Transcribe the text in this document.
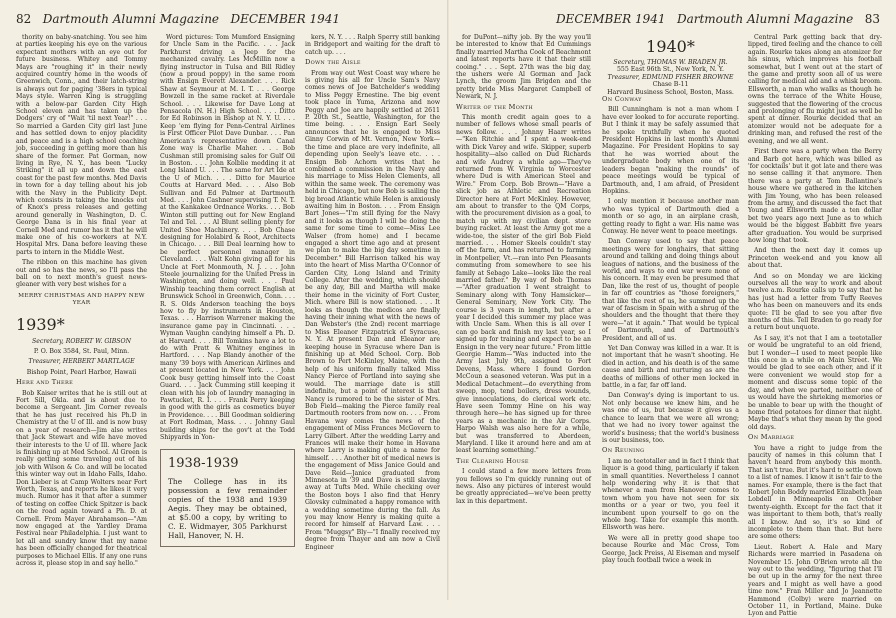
82 Dartmouth Alumni Magazine DECEMBER 1941	DECEMBER 1941 Dartmouth Alumni Magazine 83

thority on baby-snatching. You see him at parties keeping his eye on the various expectant mothers with an eye out for future business. Whitey and Tommy Mays are "roughing it" in their newly acquired country home in the woods of Greenwich, Conn., and their latch-string is always out for paging '38ers in typical Mays style. Warren King is struggling with a below-par Garden City High School eleven and has taken up the Dodgers' cry of "Wait 'til next Year!" . . . So married a Garden City girl last June and has settled down to enjoy placidity and peace and is a high school coaching job, succeeding in getting more than his share of the former. Pat Gorman, now living in Rye, N. Y., has been "Lucky Striking" it all up and down the east coast for the past few months. Med Davis in town for a day telling about his job with the Navy in the Publicity Dept. which consists in taking the knocks out of Knox's press releases and getting around generally in Washington, D. C. George Dana is in his final year at Cornell Med and rumor has it that he will make one of his co-workers at N.Y. Hospital Mrs. Dana before leaving these parts to intern in the Middle West.

The ribbon on this machine has given out and so has the news, so I'll pass the ball on to next month's guest news-gleaner with very best wishes for a

MERRY CHRISTMAS AND HAPPY NEW YEAR

1939*

Secretary, ROBERT W. GIBSON

P. O. Box 3584, St. Paul, Minn.

Treasurer, HERBERT MARTLAGE

Bishop Point, Pearl Harbor, Hawaii

Here and There

Bob Kaiser writes that he is still out at Fort Sill, Okla. and is about due to become a Sergeant. Jim Corner reveals that he has just received his Ph.D in Chemistry at the U of Ill. and is now busy on a year of research—Jim also writes that Jack Stewart and wife have moved their interests to the U of Ill. where Jack is finishing up at Med School. Al Green is really getting some traveling out of his job with Wilson & Co. and will be located this winter way out in Idaho Falls, Idaho. Don Lieber is at Camp Wolters near Fort Worth, Texas, and reports he likes it very much. Rumor has it that after a summer of testing on coffee Chick Spitzer is back on the road again toward a Ph. D. at Cornell. From Mayer Abrahamson—"Am now engaged at the Yardley Drama Festival near Philadelphia. I just want to let all and sundry know that my name has been officially changed for theatrical purposes to Michael Ellis. If any one runs across it, please stop in and say hello."

Word pictures: Tom Mumford Ensigning for Uncle Sam in the Pacific. . . . Jack Parkhurst driving a Jeep for the mechanized cavalry. Les McMillin now a flying instructor in Tulsa and Bill Ridley (now a proud poppy) in the same room with Ensign Everett Alexander. . . . Rick Shaw at Seymour at M. I. T. . . . George Bowzell in the same racket at Riverdale School. . . . Likewise for Dave Long at Pensacola (N. H.) High School. . . . Ditto for Ed Robinson in Bishop at N. Y. U. . . . Keep 'em flying for Penn-Central Airlines is First Officer Pilot Dave Dunbar. . . . Pan American's representative down Canal Zone way is Charlie Maher. . . . Bob Cushman still promising sales for Gulf Oil in Boston. . . . John Kolblie medding it at Long Island U. . . . The same for Art Ide at the U of Mich. . . . Ditto for Maurice Coutts at Harvard Med. . . . Also Bob Sullivan and Ed Palmer at Dartmouth Med. . . . John Cashner supervising T. N. T. at the Kankakee Ordnance Works. . . . Bob Winton still putting out for New England Tel and Tel. . . . Al Blunt selling plenty for United Shoe Machinery. . . . Bob Chase designing for Holabird & Root, Architects in Chicago. . . . Bill Deal learning how to be perfect personnel manager in Cleveland. . . . Walt Kohn giving all for his Uncle at Fort Monmouth, N. J. . . . John Steele journalizing for the United Press in Washington, and doing well. . . . Paul Winship teaching them correct English at Brunswick School in Greenwich, Conn. . . . R. S. Olds Anderson teaching the boys how to fly by instruments in Houston, Texas. . . . Harrison Warrener making the insurance game pay in Cincinnati. . . . Wyman Vaughn candying himself a Ph. D. at Harvard. . . . Bill Tomkins have a lot to do with Pratt & Whitney engines in Hartford. . . . Nap Blandy another of the many '39 boys with American Airlines and at present located in New York. . . . John Cook busy getting himself into the Coast Guard. . . . Jack Cumming still keeping it clean with his job of laundry managing in Pawtucket, R. I. . . . Frank Perry keeping in good with the girls as cosmetics buyer in Providence. . . . Bill Goodman soldiering at Fort Rodman, Mass. . . . Johnny Gaul building ships for the gov't at the Todd Shipyards in Yon-

1938-1939
The College has in its possession a few remainder copies of the 1938 and 1939 Aegis. They may be obtained, at $5.00 a copy, by writing to C. E. Widmayer, 305 Parkhurst Hall, Hanover, N. H.

kers, N. Y. . . . Ralph Sperry still banking in Bridgeport and waiting for the draft to catch up. . . .

Down the Aisle

From way out West Coast way where he is giving his all for Uncle Sam's Navy comes news of Joe Batchelder's wedding to Miss Peggy Ernestine. The big event took place in Yuma, Arizona and now Peggy and Joe are happily settled at 2611 P. 20th St., Seattle, Washington, for the time being. . . . Ensign Earl Seely announces that he is engaged to Miss Ginny Corwin of Mt. Vernon, New York—the time and place are very indefinite, all depending upon Seely's leave etc. . . . Ensign Bob Achorn writes that he combined a commission in the Navy and his marriage to Miss Helen Clements, all within the same week. The ceremony was held in Chicago, but now Bob is sailing the big broad Atlantic while Helen is anxiously awaiting him in Boston. . . . From Ensign Bart Jones—"I'm still flying for the Navy and it looks as though I will be doing the same for some time to come—Miss Lee Walser (from home) and I became engaged a short time ago and at present we plan to make the big day sometime in December." Bill Harrison talked his way into the heart of Miss Martha O'Connor of Garden City, Long Island and Trinity College. After the wedding, which should be any day, Bill and Martha will make their home in the vicinity of Fort Custer, Mich. where Bill is now stationed. . . . It looks as though the medicos are finally having their inning what with the news of Dan Webster's (the 2nd) recent marriage to Miss Eleanor Fitzpatrick of Syracuse, N. Y. At present Dan and Eleanor are keeping house in Syracuse where Dan is finishing up at Med School. Corp. Bob Brown to Pert McKinley, Maine, with the help of his uniform finally talked Miss Nancy Pierce of Portland into saying she would. The marriage date is still indefinite, but a point of interest is that Nancy is rumored to be the sister of Mrs. Bob Field—making the Pierce family real Dartmouth rooters from now on. . . . From Havana way comes the news of the engagement of Miss Frances McGovern to Larry Gilbert. After the wedding Larry and Frances will make their home in Havana where Larry is making quite a name for himself. . . . Another bit of medical news is the engagement of Miss Janice Gould and Dave Reid—Janice graduated from Minnesota in '39 and Dave is still slaving away at Tufts Med. While checking over the Boston boys I also find that Henry Glovsky culminated a happy romance with a wedding sometime during the fall. As you may know Henry is making quite a record for himself at Harvard Law. . . . From "Muggsy" Bly—"I finally received my degree from Thayer and am now a Civil Engineer

for DuPont—nifty job. By the way you'll be interested to know that Ed Cummings finally married Martha Cook of Beachmont and latest reports have it that their still cooing." . . . Sept. 27th was the big day, the ushers were Al Gorman and Jack Lynch, the groom Jim Brigden and the pretty bride Miss Margaret Campbell of Newark, N. J.

Writer of the Month

This month credit again goes to a number of fellows whose small pearls of news follow. . . . Johnny Haarr writes—"Ken Ritchie and I spent a week-end with Dick Varey and wife. Skipper, superb hospitality—also called on Dud Richards and wife Audrey a while ago—They've returned from W. Virginia to Worcester where Dud is with American Steel and Wire." From Corp. Bob Brown—"Have a slick job as Athletic and Recreation Director here at Fort McKinley. However, am about to transfer to the QM Corps, with the procurement division as a goal, to match up with my civilian dept. store buying racket. At least the Army got me a wide-toe, the sister of the girl Bob Field married. . . . Homer Skeels couldn't stay off the farm, and has returned to farming in Montpelier, Vt.—ran into Pen Pleasants commuting from somewhere to see his family at Sebago Lake—looks like the real married father." By way of Bob Thomas—"After graduation I went straight to Seminary along with Tony Hamsicker—General Seminary, New York City. The course is 3 years in length, but after a year I decided this summer my place was with Uncle Sam. When this is all over I can go back and finish my last year, so I signed up for training and expect to be an Ensign in the very near future." From little Georgie Hamm—"Was inducted into the Army last July 9th, assigned to Fort Devens, Mass. where I found Gordon McCoun a seasoned veteran. Was put in a Medical Detachment—do everything from sweep, mop, tend boilers, dress wounds, give innoculations, do clerical work etc. Have seen Tommy Hine on his way through here—he has signed up for three years as a mechanic in the Air Corps. Harpo Walsh was also here for a while, but was transferred to Aberdeen, Maryland. I like it around here and am at least learning something."

The Clearing House

I could stand a few more letters from you fellows so I'm quickly running out of news. Also any pictures of interest would be greatly appreciated—we've been pretty lax in this department.

1940*
Secretary, THOMAS W. BRADEN JR.
555 East 96th St., New York, N. Y.
Treasurer, EDMUND FISHER BROWNE
Chase B-11
Harvard Business School, Boston, Mass.

On Conway

Bill Cunningham is not a man whom I have ever looked to for accurate reporting. But I think it may be safely assumed that he spoke truthfully when he quoted President Hopkins in last month's Alumni Magazine. For President Hopkins to say that he was worried about the undergraduate body when one of its leaders began "making the rounds" of peace meetings would be typical of Dartmouth, and, I am afraid, of President Hopkins.

I only mention it because another man who was typical of Dartmouth died a month or so ago, in an airplane crash, getting ready to fight a war. His name was Conway. He never went to peace meetings.

Dan Conway used to say that peace meetings were for longhairs, that sitting around and talking and doing things about leagues of nations, and the business of the world, and ways to end war were none of his concern. It may even be presumed that Dan, like the rest of us, thought of people in far off countries as "those foreigners," that like the rest of us, he summed up the war of fascism in Spain with a shrug of the shoulders and the thought that there they were—"at it again." That would be typical of Dartmouth, and of Dartmouth's President, and all of us.

Yet Dan Conway was killed in a war. It is not important that he wasn't shooting. He died in action, and his death is of the same cause and birth and nurturing as are the deaths of millions of other men locked in battle, in a far, far off land.

Dan Conway's dying is important to us. Not only because we knew him, and he was one of us, but because it gives us a chance to learn that we were all wrong; that we had no ivory tower against the world's business; that the world's business is our business, too.

On Reuning

I am no teetotaller and in fact I think that liquor is a good thing, particularly if taken in small quantities. Nevertheless I cannot help wondering why it is that that whenever a man from Hanover comes to town whom you have not seen for six months or a year or two, you feel it incumbent upon yourself to go on the whole hog. Take for example this month. Ellsworth was here.

We were all in pretty good shape too because Rourke and Mac Cross, Tom George, Jack Preiss, Al Eiseman and myself play touch football twice a week in

Central Park getting back that dry-lipped, tired feeling and the chance to cell again. Rourke takes along an atomizer for his sinus, which improves his football somewhat, but I went out at the start of the game and pretty soon all of us were calling for medical aid and a whisk broom. Ellsworth, a man who walks as though he owns the terrace of the White House, suggested that the flowering of the crocus and prolonging of flu might just as well be spent at dinner. Rourke decided that an atomizer would not be adequate for a drinking man, and refused the rest of the evening, and we all went.

First there was a party when the Berry and Barb got here, which was billed as 'for cocktails' but it got late and there was no sense calling it that anymore. Then there was a party at Tom Ballantine's house where we gathered in the kitchen with Jim Young, who has been released from the army, and discussed the fact that Young and Ellsworth made a ten dollar bet two years ago next June as to which would be the biggest Babbitt five years after graduation. You would be surprised how long that took.

And then the next day it comes up Princeton week-end and you know all about that.

And so on Monday we are kicking ourselves all the way to work and about twelve a.m. Rourke calls up to say that he has just had a letter from Tuffy Reeves who has been on maneuvers and its ends quote: I'll be glad to see you after five months of this. Tell Braden to go ready for a return bout unquote.

As I say, it's not that I am a teetotaller or would be ungrateful to an old friend, but I wonder—I used to meet people like this once in a while on Main Street. We would be glad to see each other, and if it were convenient we would stop for a moment and discuss some topic of the day, and when we parted, neither one of us would have the shrieking memories or be unable to bear up with the thought of home fried potatoes for dinner that night. Maybe that's what they mean by the good old days.

On Marriage

You have a right to judge from the paucity of names in this column that I haven't heard from anybody this month. That isn't true. But it's hard to settle down to a list of names. I know it isn't fair to the names. For example, there is the fact that Robert John Boddy married Elizabeth Jean Lobdell in Minneapolis on October twenty-eighth. Except for the fact that it was important to them both, that's really all I know. And so, it's so kind of incomplete to them than that. But here are some others:

Lieut. Robert A. Hale and Mary Richards were married in Pasadena on November 15. John O'Brien wrote all the way out to the wedding, "figuring that I'll be out up in the army for the next three years and I might as well have a good time now." Fran Miller and Jo Jeannette Hammond (Colby) were married on October 11, in Portland, Maine. Duke Lyon and Pattie
